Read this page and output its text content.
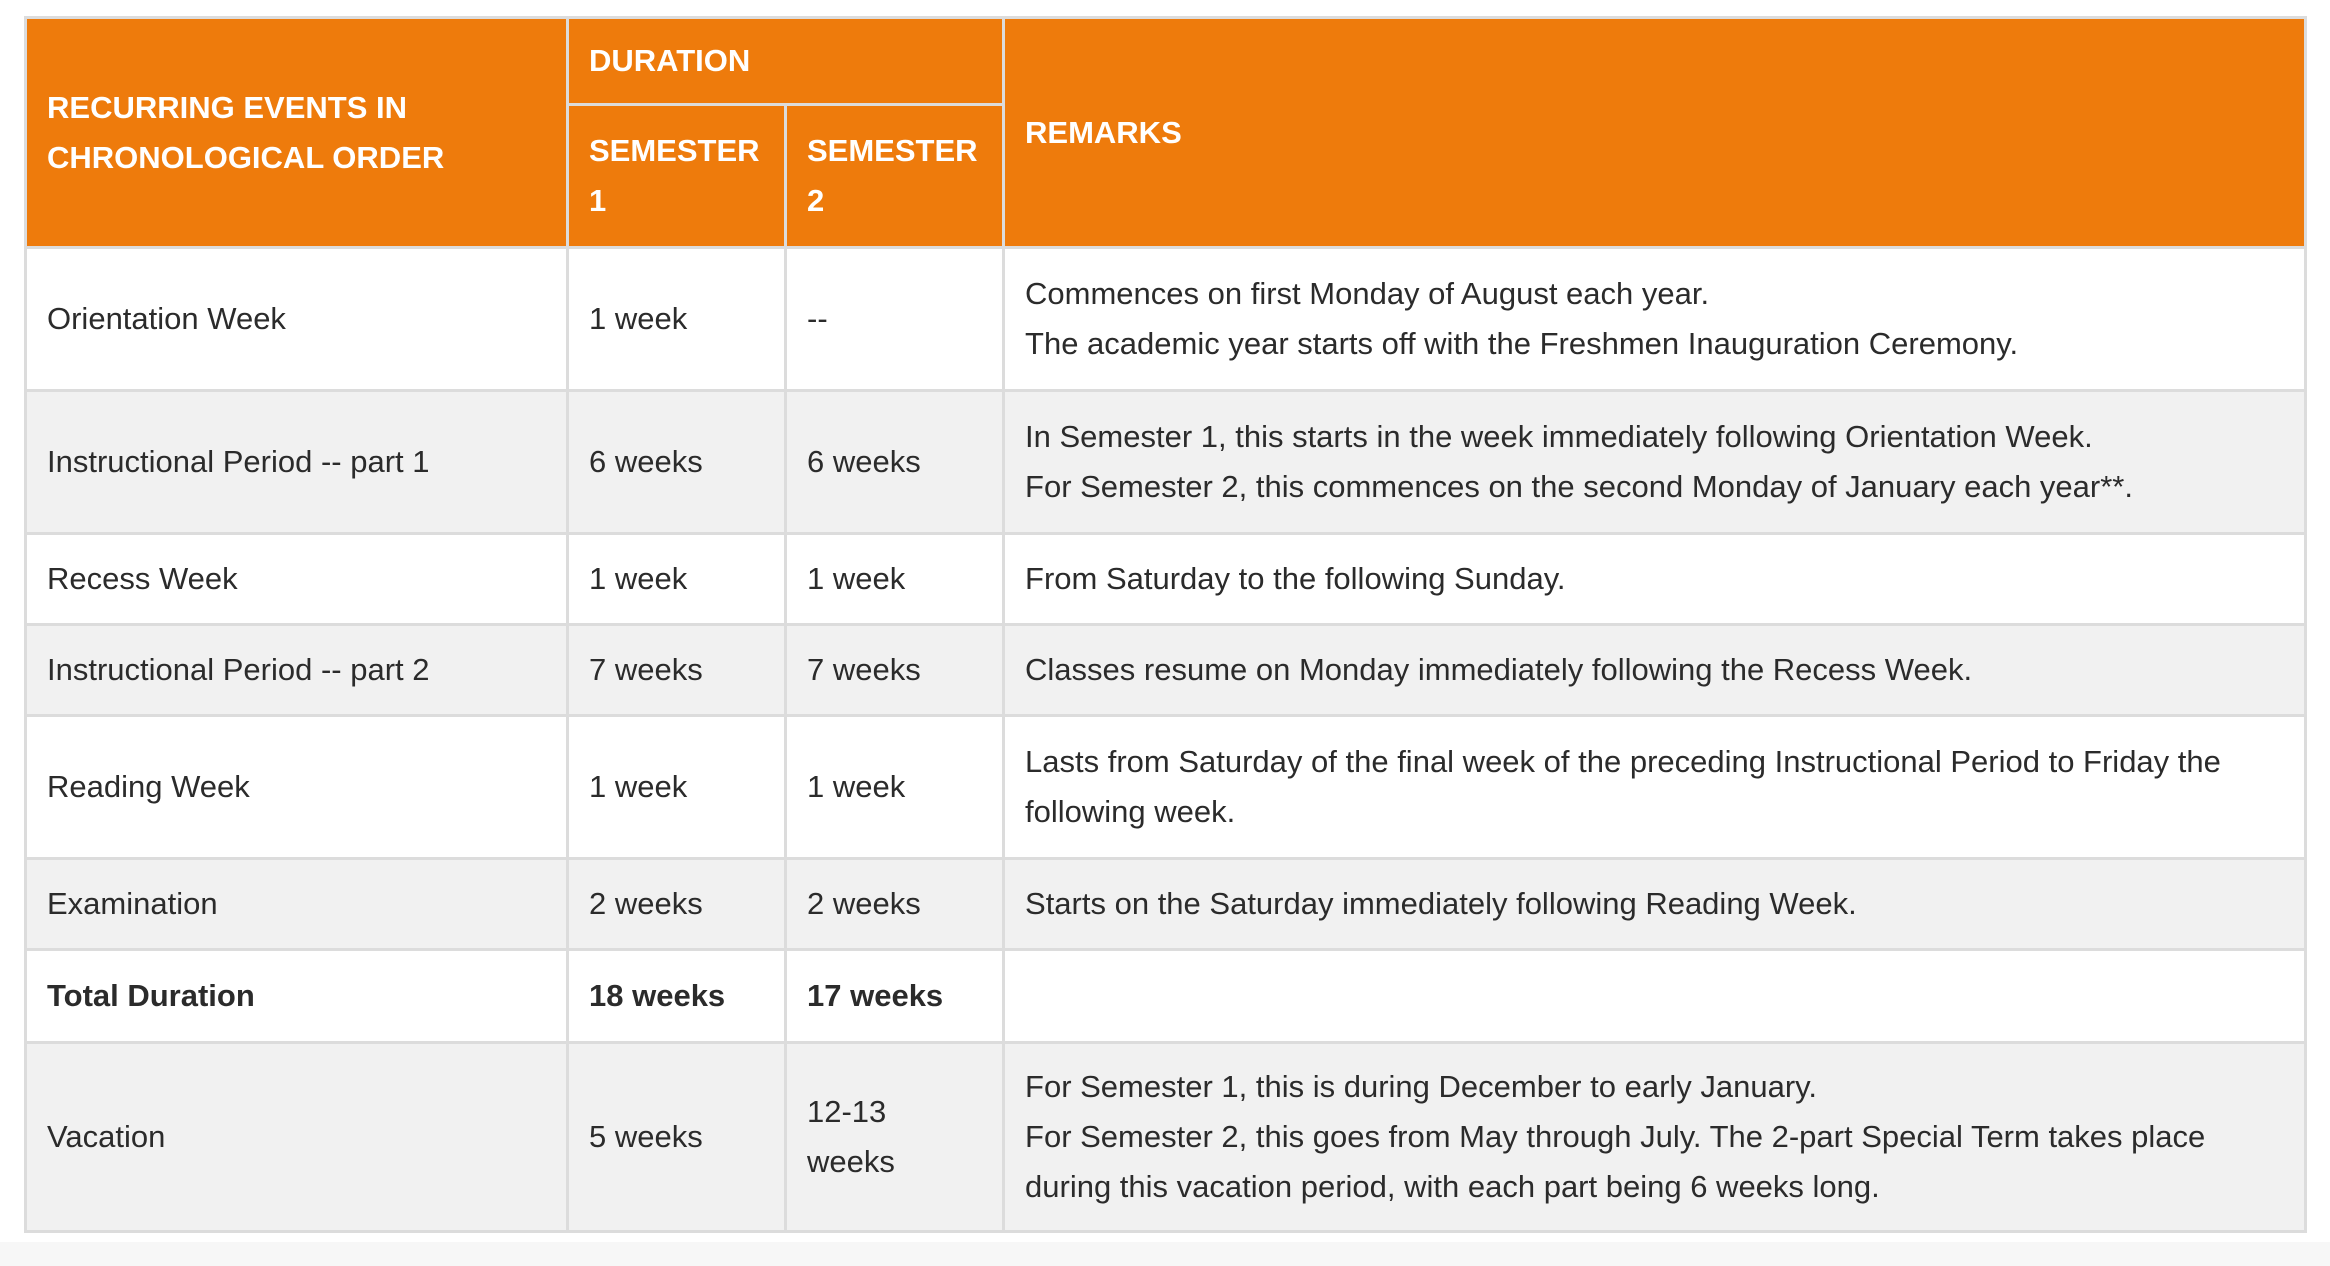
RECURRING EVENTS IN CHRONOLOGICAL ORDER	DURATION		REMARKS
	SEMESTER 1	SEMESTER 2	
Orientation Week	1 week	--	Commences on first Monday of August each year.
The academic year starts off with the Freshmen Inauguration Ceremony.

Instructional Period -- part 1	6 weeks	6 weeks	In Semester 1, this starts in the week immediately following Orientation Week.
For Semester 2, this commences on the second Monday of January each year**.

Recess Week	1 week	1 week	From Saturday to the following Sunday.

Instructional Period -- part 2	7 weeks	7 weeks	Classes resume on Monday immediately following the Recess Week.

Reading Week	1 week	1 week	Lasts from Saturday of the final week of the preceding Instructional Period to Friday the following week.

Examination	2 weeks	2 weeks	Starts on the Saturday immediately following Reading Week.

Total Duration	18 weeks	17 weeks	
Vacation	5 weeks	12-13 weeks	For Semester 1, this is during December to early January.
For Semester 2, this goes from May through July. The 2-part Special Term takes place during this vacation period, with each part being 6 weeks long.
